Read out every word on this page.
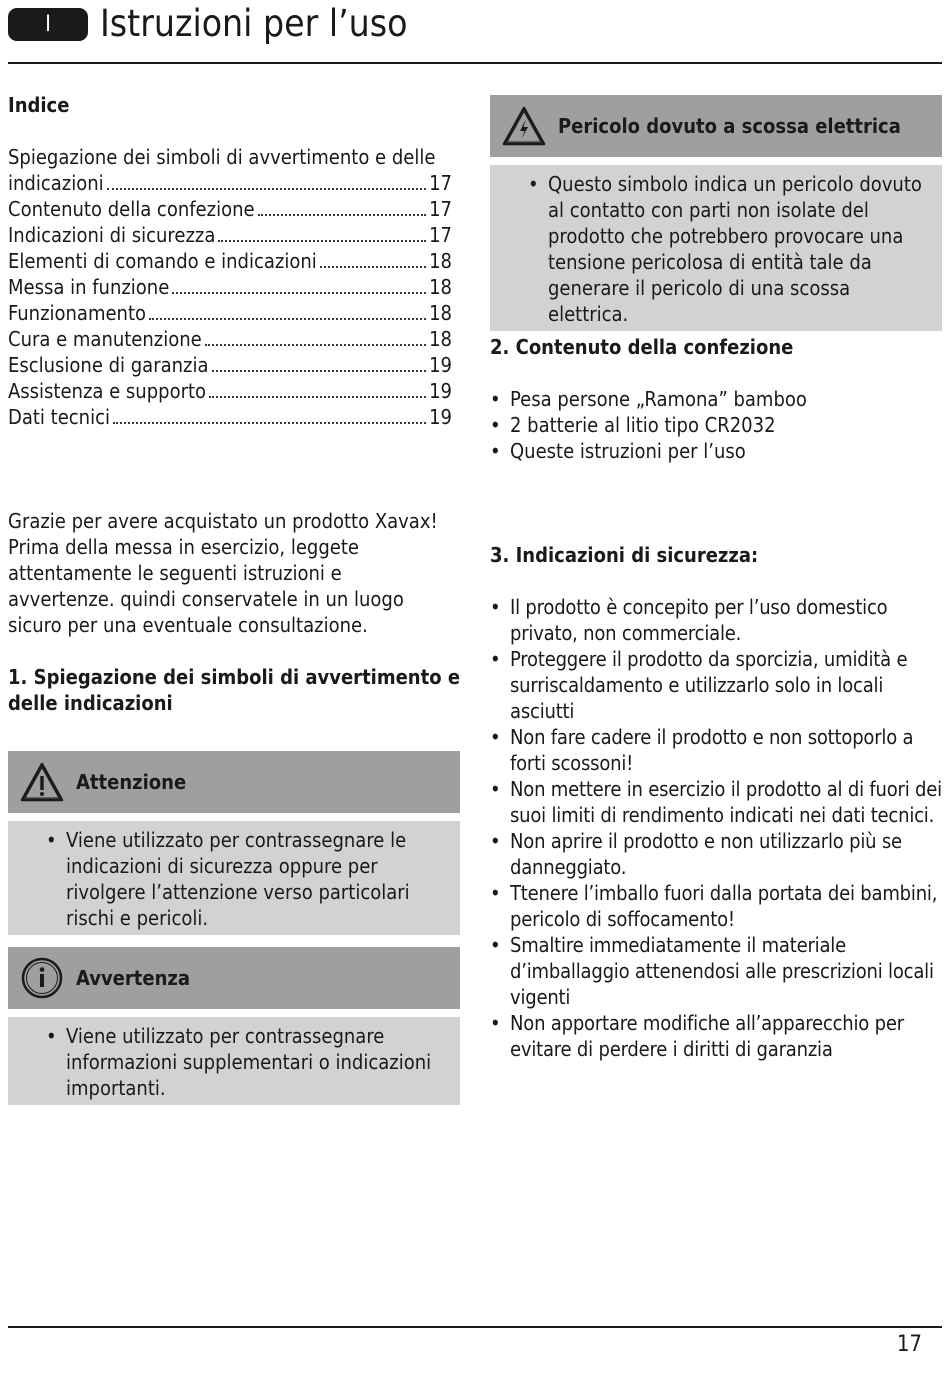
I	Istruzioni per l’uso
Indice
Spiegazione dei simboli di avvertimento e delle
indicazioni	17
Contenuto della confezione	17
Indicazioni di sicurezza	17
Elementi di comando e indicazioni	18
Messa in funzione	18
Funzionamento	18
Cura e manutenzione	18
Esclusione di garanzia	19
Assistenza e supporto	19
Dati tecnici	19
Grazie per avere acquistato un prodotto Xavax! Prima della messa in esercizio, leggete attentamente le seguenti istruzioni e avvertenze. quindi conservatele in un luogo sicuro per una eventuale consultazione.
1. Spiegazione dei simboli di avvertimento e
delle indicazioni
Attenzione
• Viene utilizzato per contrassegnare le indicazioni di sicurezza oppure per rivolgere l’attenzione verso particolari rischi e pericoli.
Avvertenza
• Viene utilizzato per contrassegnare informazioni supplementari o indicazioni importanti.
Pericolo dovuto a scossa elettrica
• Questo simbolo indica un pericolo dovuto al contatto con parti non isolate del prodotto che potrebbero provocare una tensione pericolosa di entità tale da generare il pericolo di una scossa elettrica.
2. Contenuto della confezione
• Pesa persone „Ramona” bamboo
• 2 batterie al litio tipo CR2032
• Queste istruzioni per l’uso
3. Indicazioni di sicurezza:
• Il prodotto è concepito per l’uso domestico privato, non commerciale.
• Proteggere il prodotto da sporcizia, umidità e surriscaldamento e utilizzarlo solo in locali asciutti
• Non fare cadere il prodotto e non sottoporlo a forti scossoni!
• Non mettere in esercizio il prodotto al di fuori dei suoi limiti di rendimento indicati nei dati tecnici.
• Non aprire il prodotto e non utilizzarlo più se danneggiato.
• Ttenere l’imballo fuori dalla portata dei bambini, pericolo di soffocamento!
• Smaltire immediatamente il materiale d’imballaggio attenendosi alle prescrizioni locali vigenti
• Non apportare modifiche all’apparecchio per evitare di perdere i diritti di garanzia
17
